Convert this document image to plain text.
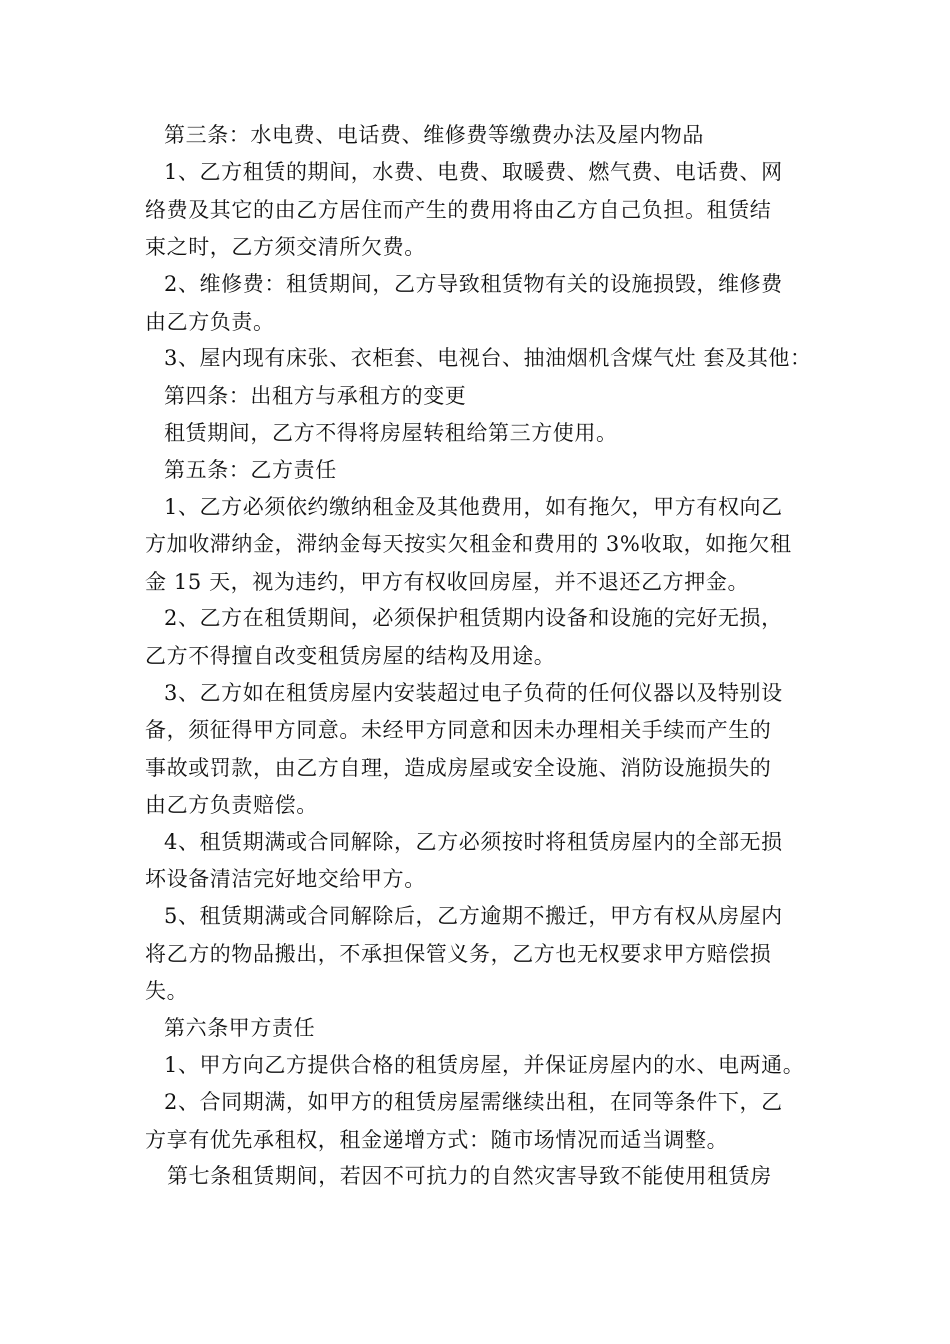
第三条：水电费、电话费、维修费等缴费办法及屋内物品
1、乙方租赁的期间，水费、电费、取暖费、燃气费、电话费、网
络费及其它的由乙方居住而产生的费用将由乙方自己负担。租赁结
束之时，乙方须交清所欠费。
2、维修费：租赁期间，乙方导致租赁物有关的设施损毁，维修费
由乙方负责。
3、屋内现有床张、衣柜套、电视台、抽油烟机含煤气灶 套及其他：
第四条：出租方与承租方的变更
租赁期间，乙方不得将房屋转租给第三方使用。
第五条：乙方责任
1、乙方必须依约缴纳租金及其他费用，如有拖欠，甲方有权向乙
方加收滞纳金，滞纳金每天按实欠租金和费用的 3%收取，如拖欠租
金 15 天，视为违约，甲方有权收回房屋，并不退还乙方押金。
2、乙方在租赁期间，必须保护租赁期内设备和设施的完好无损，
乙方不得擅自改变租赁房屋的结构及用途。
3、乙方如在租赁房屋内安装超过电子负荷的任何仪器以及特别设
备，须征得甲方同意。未经甲方同意和因未办理相关手续而产生的
事故或罚款，由乙方自理，造成房屋或安全设施、消防设施损失的
由乙方负责赔偿。
4、租赁期满或合同解除，乙方必须按时将租赁房屋内的全部无损
坏设备清洁完好地交给甲方。
5、租赁期满或合同解除后，乙方逾期不搬迁，甲方有权从房屋内
将乙方的物品搬出，不承担保管义务，乙方也无权要求甲方赔偿损
失。
第六条甲方责任
1、甲方向乙方提供合格的租赁房屋，并保证房屋内的水、电两通。
2、合同期满，如甲方的租赁房屋需继续出租，在同等条件下，乙
方享有优先承租权，租金递增方式：随市场情况而适当调整。
第七条租赁期间，若因不可抗力的自然灾害导致不能使用租赁房
